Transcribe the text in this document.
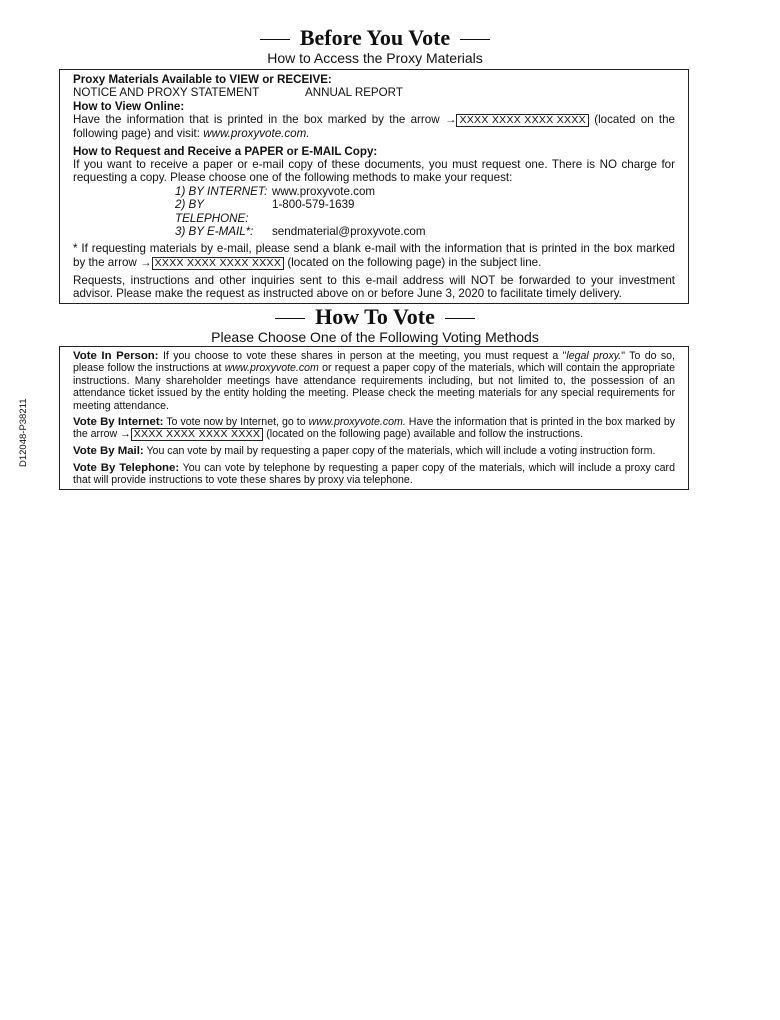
Before You Vote
How to Access the Proxy Materials
Proxy Materials Available to VIEW or RECEIVE:
NOTICE AND PROXY STATEMENT	ANNUAL REPORT
How to View Online:
Have the information that is printed in the box marked by the arrow → XXXX XXXX XXXX XXXX (located on the following page) and visit: www.proxyvote.com.
How to Request and Receive a PAPER or E-MAIL Copy:
If you want to receive a paper or e-mail copy of these documents, you must request one. There is NO charge for requesting a copy. Please choose one of the following methods to make your request:
1) BY INTERNET: www.proxyvote.com
2) BY TELEPHONE:
1-800-579-1639
3) BY E-MAIL*:	sendmaterial@proxyvote.com
* If requesting materials by e-mail, please send a blank e-mail with the information that is printed in the box marked by the arrow → XXXX XXXX XXXX XXXX (located on the following page) in the subject line.
Requests, instructions and other inquiries sent to this e-mail address will NOT be forwarded to your investment advisor. Please make the request as instructed above on or before June 3, 2020 to facilitate timely delivery.
How To Vote
Please Choose One of the Following Voting Methods
Vote In Person: If you choose to vote these shares in person at the meeting, you must request a "legal proxy." To do so, please follow the instructions at www.proxyvote.com or request a paper copy of the materials, which will contain the appropriate instructions. Many shareholder meetings have attendance requirements including, but not limited to, the possession of an attendance ticket issued by the entity holding the meeting. Please check the meeting materials for any special requirements for meeting attendance.
Vote By Internet: To vote now by Internet, go to www.proxyvote.com. Have the information that is printed in the box marked by the arrow → XXXX XXXX XXXX XXXX (located on the following page) available and follow the instructions.
Vote By Mail: You can vote by mail by requesting a paper copy of the materials, which will include a voting instruction form.
Vote By Telephone: You can vote by telephone by requesting a paper copy of the materials, which will include a proxy card that will provide instructions to vote these shares by proxy via telephone.
D12048-P38211
